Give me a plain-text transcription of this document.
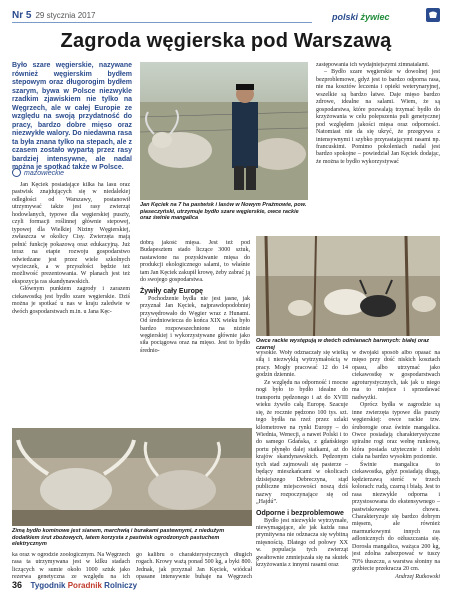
Nr 5 29 stycznia 2017	polski żywiec
Zagroda węgierska pod Warszawą
Było szare węgierskie, nazywane również węgierskim bydłem stepowym oraz długorogim bydłem szarym, bywa w Polsce niezwykle rzadkim zjawiskiem nie tylko na Węgrzech, ale w całej Europie ze względu na swoją przydatność do pracy, bardzo dobre mięso oraz niezwykłe walory. Do niedawna rasa ta była znana tylko na stepach, ale z czasem zostało wypartą przez rasy bardziej intensywne, ale nadal można je spotkać także w Polsce.
mazowieckie

Jan Kęciek posiadające kilka ha lasu oraz pastwisk znajdujących się w niedalekiej odległości od Warszawy, postanowił utrzymywać także jest rasy zwierząt hodowlanych, typowe dla węgierskiej puszty, czyli formacji roślinnej głównie stepowej, typowej dla Wielkiej Niziny Węgierskiej, zwłaszcza w okolicy Cisy. Zwierzęta mają pełnić funkcję pokazową oraz edukacyjną. Już teraz na etapie rozwoju gospodarstwo odwiedzane jest przez wiele szkolnych wycieczek, a w przyszłości będzie też możliwość prezentowania. W planach jest też ekspozycja ras skandynawskich.

Głównym punktem zagrody i zarazem ciekawostką jest bydło szare węgierskie. Dziś można je spotkać u nas w kraju zaledwie w dwóch gospodarstwach m.in. u Jana Kęc-

Jan Kęciek na 7 ha pastwisk i lasów w Nowym Prażmowie, pow. piaseczyński, utrzymuje bydło szare węgierskie, owce rackie oraz świnie mangalica

dobrą jakość mięsa. Jest też pod Budapesztem stado liczące 3000 sztuk, nastawione na pozyskiwanie mięsa do produkcji ekologicznego salami, to właśnie tam Jan Kęciek zakupił krowę, żeby zabrać ją do swojego gospodarstwa.

Żywiły cały Europę

Pochodzenie bydła nie jest jasne, jak przyznał Jan Kęciek, najprawdopodobniej przywędrowało do Węgier wraz z Hunami. Od średniowiecza do końca XIX wieku było bardzo rozpowszechnione na nizinie węgierskiej i wykorzystywane głównie jako siła pociągowa oraz na mięso. Jest to bydło średnio-

zastępowania ich wydajniejszymi zimnatalami.

– Bydło szare węgierskie w dowolnej jest bezproblemowe, gdyż jest to bardzo odporna rasa, nie ma kosztów leczenia i opieki weterynaryjnej, wszelkie są bardzo łatwe. Daje mięso bardzo zdrowe, idealne na salami. Wiem, że są gospodarstwa, które pozwalają trzymać bydło do krzyżowania w celu polepszenia puli genetycznej pod względem jakości mięsa oraz odporności. Natomiast nie da się ukryć, że przegrywa z intensywnymi i szybko przyrastającymi rasami np. francuskimi. Pomimo pokoleniach nadal jest bardzo spokojne – powiedział Jan Kęciek dodając, że można te bydło wykorzystywać

Owce rackie występują w dwóch odmianach barwnych: białej oraz czarnej
Zimą bydło kominowe jest sianem, marchwią i burakami pastewnymi, z niedużym dodatkiem śrut zbożowych, latem korzysta z pastwisk ogrodzonych pastuchem elektrycznym

ka oraz w ogrodzie zoologicznym. Na Węgrzech rasa ta utrzymywana jest w kilku stadach liczących w sumie około 1000 sztuk jako rezerwa genetyczna ze względu na ich

go kalibru o charakterystycznych długich rogach. Krowy ważą ponad 500 kg, a byki 800. Jednak, jak przyznał Jan Kęciek, wiódcał opasane intensywnie buhaje na Węgrzech

wysokie. Woły odznaczały się wielką siłą i niezwykłą wytrzymałością w pracy. Mogły pracować 12 do 14 godzin dziennie.

Ze względu na odporność i mocne nogi było to bydło idealne do transportu pędzonego i aż do XVIII wieku żywiło całą Europę. Szacuje się, że rocznie pędzono 100 tys. szt. tego bydła na rzeź przez szlaki kilometrowe na rynki Europy – do Wiednia, Wenecji, a nawet Polski i to do samego Gdańska, z gdańskiego portu płynęło dalej statkami, aż do krajów skandynawskich. Pędzonym tych stad zajmowali się pasterze – będący mieszkańcami w okolicach dzisiejszego Debreczyna, stąd publiczne miejscowości noszą dziś nazwy rozpoczynające się od „Hajdú”.

Odporne i bezproblemowe

Bydło jest niezwykle wytrzymałe, niewymagające, ale jak każda rasa prymitywna nie odznacza się wybitną mięsnością. Dlatego od połowy XX w. populacja tych zwierząt gwałtownie zmniejszała się na skutek krzyżowania z innymi rasami oraz

w dwojaki sposób albo opasać na mięso przy dość niskich kosztach opasu, albo utrzymać jako ciekawostkę w gospodarstwach agroturystycznych, tak jak u niego ma to miejsce i sprzedawać nadwyżki.

Oprócz bydła w zagrodzie są inne zwierzęta typowe dla puszty węgierskiej: owce rackie tzw. śruborogie oraz świnie mangalica. Owce posiadają charakterystyczne spiralne rogi oraz wełnę runkową, która posiada użytecznie i zdobi ciała na bardzo wysokim poziomie.

Świnie mangalica to ciekawostka, gdyż posiadają długą, kędzierzawą sierść w trzech kolorach: rudą, czarną i białą. Jest to rasa niezwykle odporna i przystosowana do ekstensywnego – pastwiskowego chowu. Charakteryzuje się bardzo dobrym mięsem, ale również marmurkowymi innych ras adlonicznych do ożłuszczania się. Dorosła mangalica, ważąca 200 kg, jest zdolna zabezpować w tuszy 70% tłuszczu, a warstwa słoniny na grzbiecie przekracza 20 cm.

Andrzej Rutkowski
36 Tygodnik Poradnik Rolniczy
